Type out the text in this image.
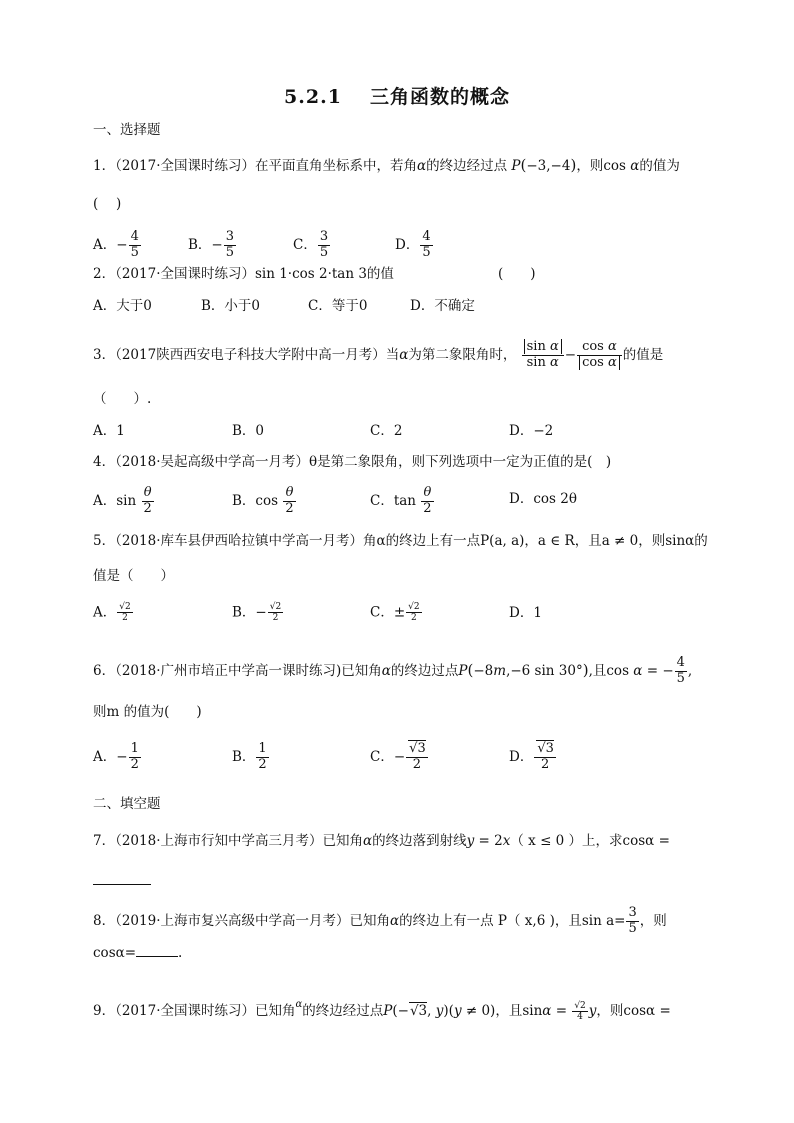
5.2.1 三角函数的概念
一、选择题
1．（2017·全国课时练习）在平面直角坐标系中，若角α的终边经过点 P(−3,−4)，则cos α的值为
(　 )
A．− $\frac{4}{5}$	B．− $\frac{3}{5}$	C． $\frac{3}{5}$	D． $\frac{4}{5}$
2．（2017·全国课时练习）sin 1·cos 2·tan 3的值	(　　)
A．大于0	B．小于0	C．等于0	D．不确定
3．（2017陕西西安电子科技大学附中高一月考）当α为第二象限角时， $\frac{\text{sin α}}{\text{sin α}} - \frac{\text{cos α}}{\text{cos α}}$ 的值是
（　　）.
A．1	B．0	C．2	D．−2
4．（2018·吴起高级中学高一月考）θ是第二象限角，则下列选项中一定为正值的是(　)
A．$\sin \frac{\theta}{2}$	B．$\cos \frac{\theta}{2}$	C．$\tan \frac{\theta}{2}$	D．cos 2θ
5．（2018·库车县伊西哈拉镇中学高一月考）角α的终边上有一点P(a, a)，a ∈ R，且a ≠ 0，则sinα的
值是（　　）
A． $\frac{√2}{2}$	B．− $\frac{√2}{2}$	C．± $\frac{√2}{2}$	D．1
6．（2018·广州市培正中学高一课时练习)已知角α的终边过点P(−8m,−6 sin 30°),且cos α = − $\frac{4}{5}$ ,
则m 的值为(　　)
A．− $\frac{1}{2}$	B． $\frac{1}{2}$	C．− $\frac{√3}{2}$	D． $\frac{√3}{2}$
二、填空题
7．（2018·上海市行知中学高三月考）已知角α的终边落到射线y = 2x（ x ≤ 0 ）上，求cosα =
8．（2019·上海市复兴高级中学高一月考）已知角α的终边上有一点 P（ x,6 )，且$\sin a= \frac{3}{5}$ ，则
cosα=	.
9．（2017·全国课时练习）已知角$^\alpha$的终边经过点P(−√3, y)(y ≠ 0)，且$\sin\alpha = \frac{√2}{4}$ y，则cosα =
